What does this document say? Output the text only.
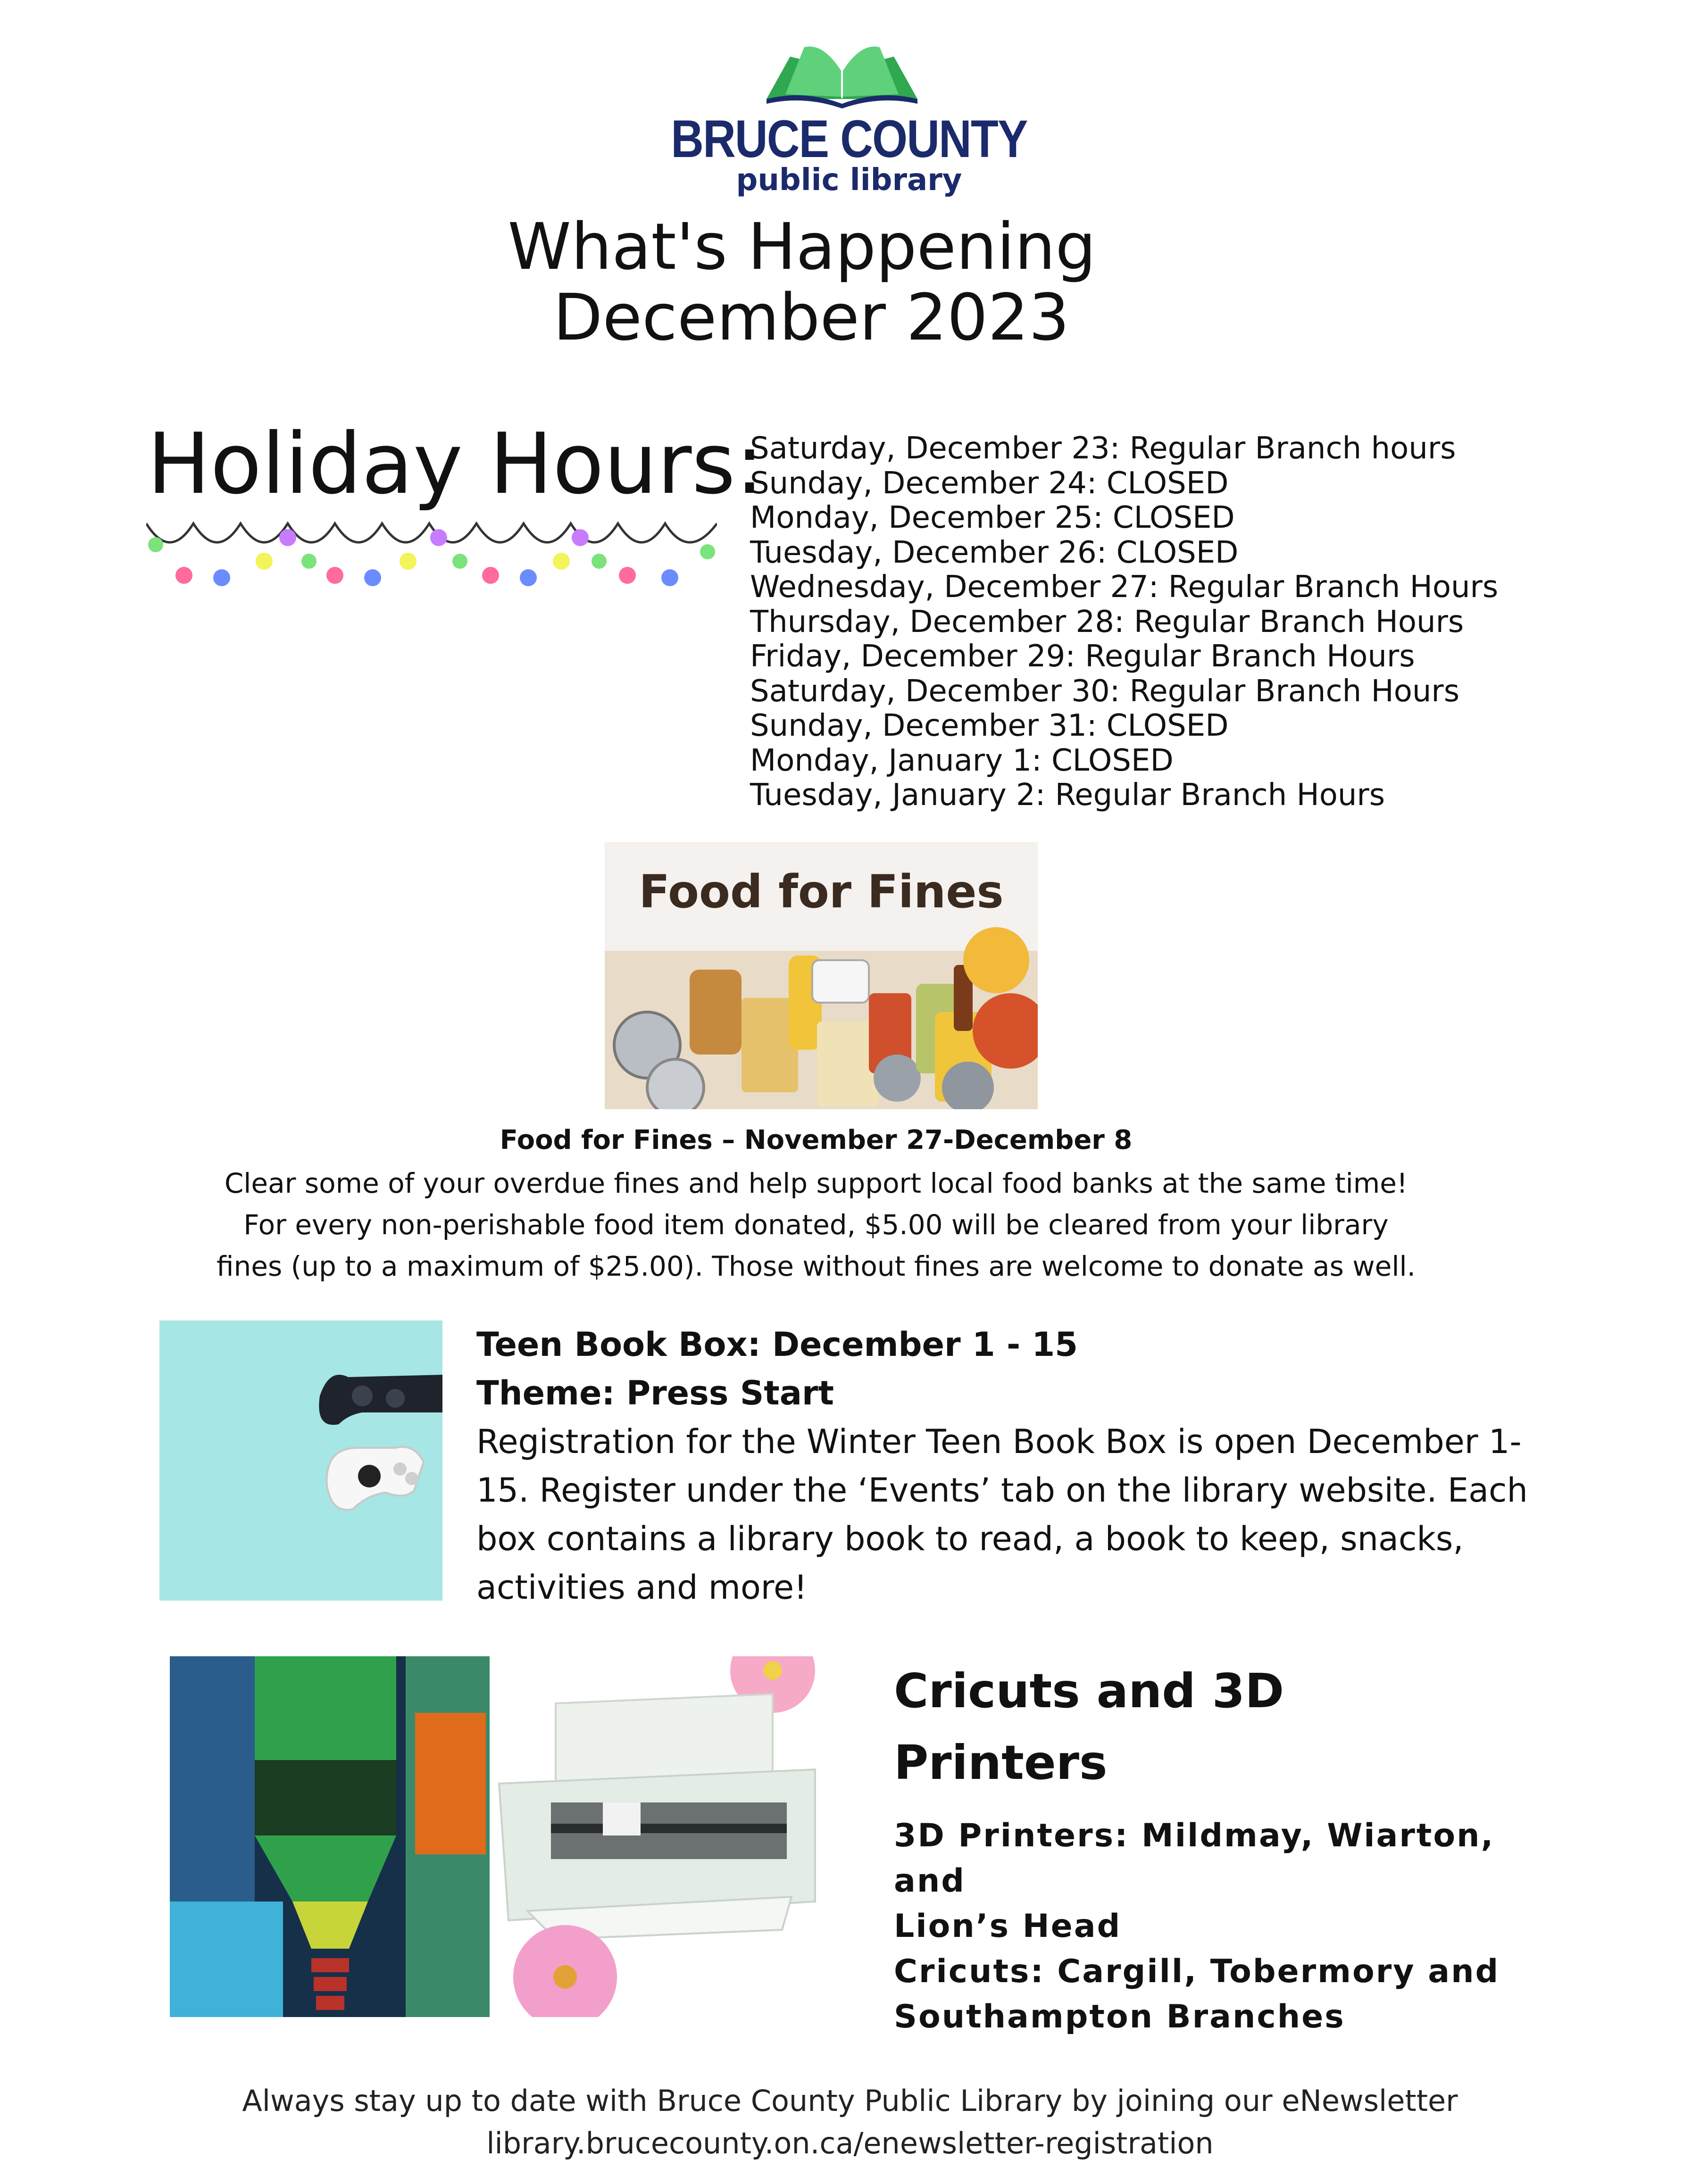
BRUCE COUNTY
public library
What's Happening
December 2023
Holiday Hours:
Saturday, December 23: Regular Branch hours
Sunday, December 24: CLOSED
Monday, December 25: CLOSED
Tuesday, December 26: CLOSED
Wednesday, December 27: Regular Branch Hours
Thursday, December 28: Regular Branch Hours
Friday, December 29: Regular Branch Hours
Saturday, December 30: Regular Branch Hours
Sunday, December 31: CLOSED
Monday, January 1: CLOSED
Tuesday, January 2: Regular Branch Hours
Food for Fines
Food for Fines – November 27-December 8
Clear some of your overdue fines and help support local food banks at the same time! For every non-perishable food item donated, $5.00 will be cleared from your library fines (up to a maximum of $25.00). Those without fines are welcome to donate as well.
Teen Book Box: December 1 - 15
Theme: Press Start
Registration for the Winter Teen Book Box is open December 1-15. Register under the ‘Events’ tab on the library website. Each box contains a library book to read, a book to keep, snacks, activities and more!
Cricuts and 3D
Printers
3D Printers: Mildmay, Wiarton, and
Lion’s Head
Cricuts: Cargill, Tobermory and
Southampton Branches
Always stay up to date with Bruce County Public Library by joining our eNewsletter
library.brucecounty.on.ca/enewsletter-registration
